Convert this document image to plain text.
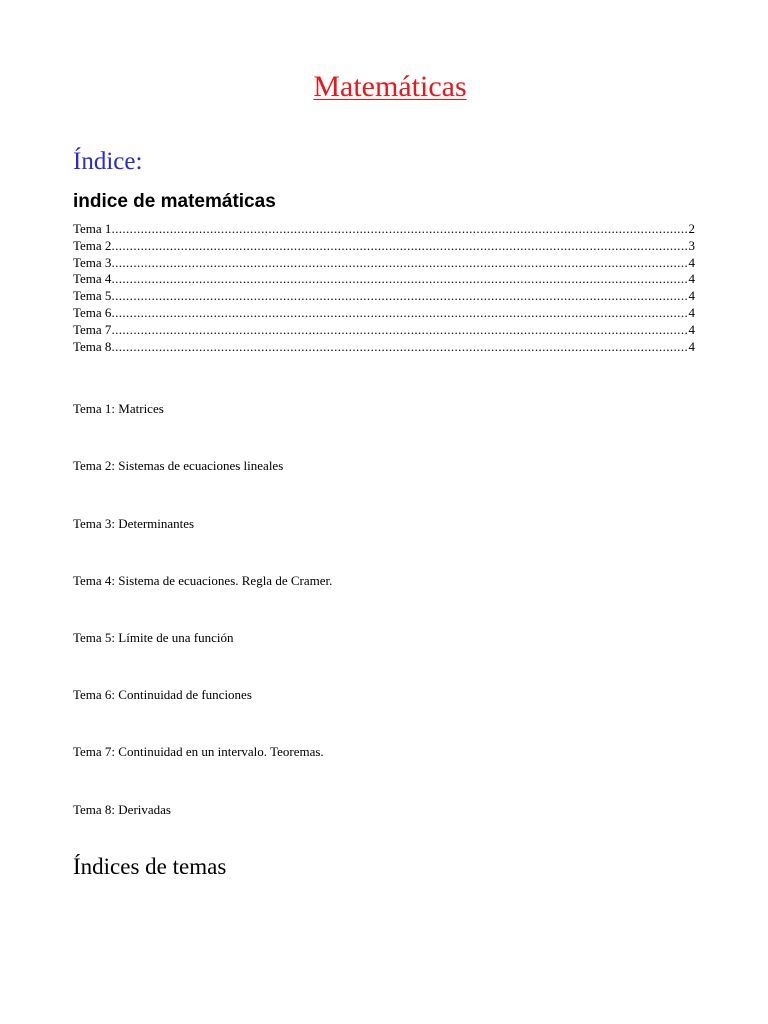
Matemáticas
Índice:
indice de matemáticas
Tema 1 .....	2
Tema 2 .....	3
Tema 3 .....	4
Tema 4 .....	4
Tema 5 .....	4
Tema 6 .....	4
Tema 7 .....	4
Tema 8 .....	4
Tema 1: Matrices
Tema 2: Sistemas de ecuaciones lineales
Tema 3: Determinantes
Tema 4: Sistema de ecuaciones. Regla de Cramer.
Tema 5: Límite de una función
Tema 6: Continuidad de funciones
Tema 7: Continuidad en un intervalo. Teoremas.
Tema 8: Derivadas
Índices de temas
